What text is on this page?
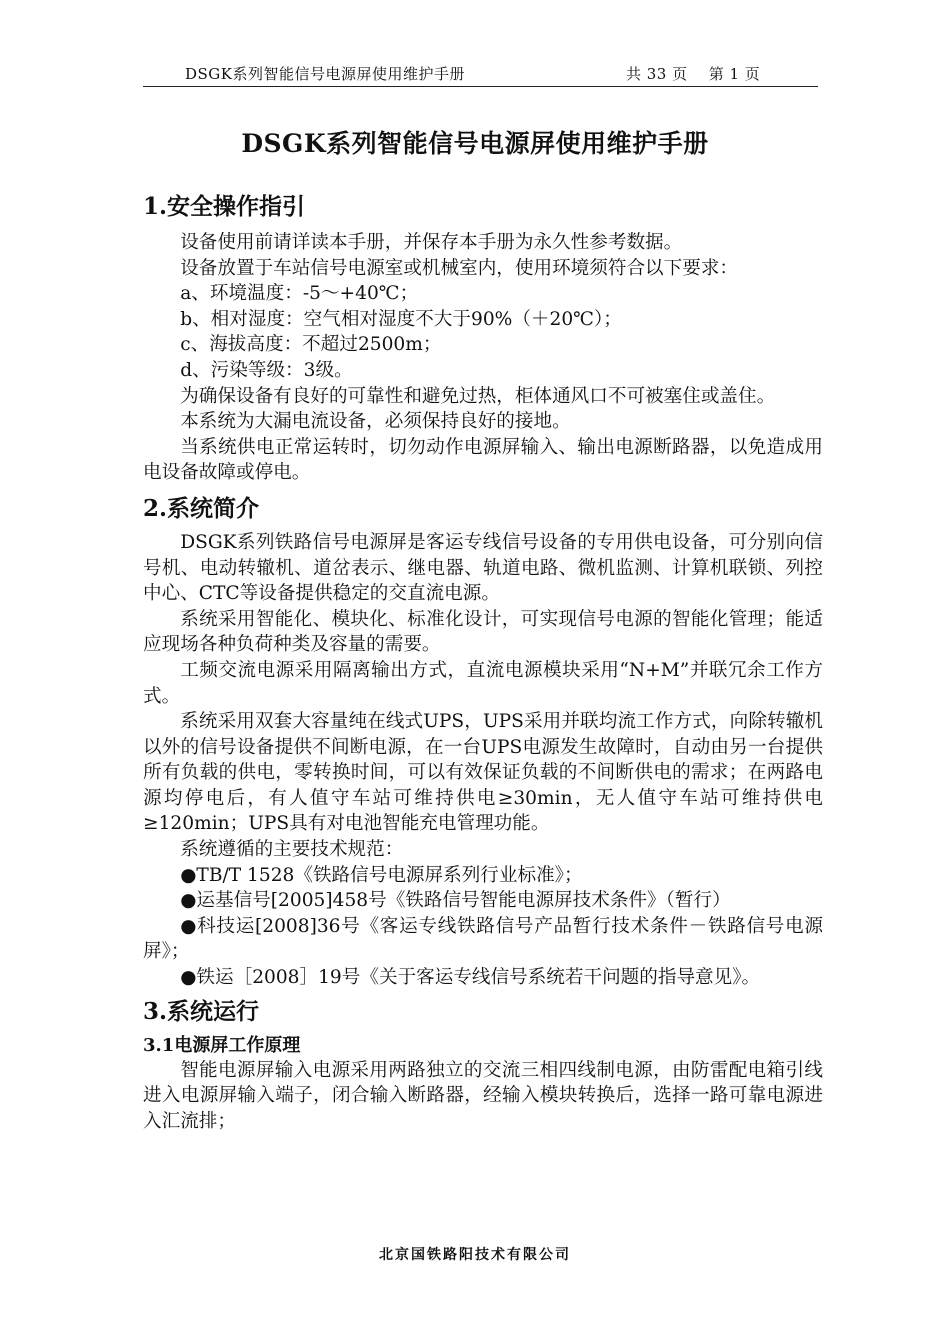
DSGK系列智能信号电源屏使用维护手册	共 33 页    第 1 页
DSGK系列智能信号电源屏使用维护手册
1.安全操作指引

设备使用前请详读本手册，并保存本手册为永久性参考数据。

设备放置于车站信号电源室或机械室内，使用环境须符合以下要求：

a、环境温度：-5～+40℃；

b、相对湿度：空气相对湿度不大于90%（＋20℃）；

c、海拔高度：不超过2500m；

d、污染等级：3级。

为确保设备有良好的可靠性和避免过热，柜体通风口不可被塞住或盖住。

本系统为大漏电流设备，必须保持良好的接地。

当系统供电正常运转时，切勿动作电源屏输入、输出电源断路器，以免造成用电设备故障或停电。

2.系统简介

DSGK系列铁路信号电源屏是客运专线信号设备的专用供电设备，可分别向信号机、电动转辙机、道岔表示、继电器、轨道电路、微机监测、计算机联锁、列控中心、CTC等设备提供稳定的交直流电源。

系统采用智能化、模块化、标准化设计，可实现信号电源的智能化管理；能适应现场各种负荷种类及容量的需要。

工频交流电源采用隔离输出方式，直流电源模块采用“N+M”并联冗余工作方式。

系统采用双套大容量纯在线式UPS，UPS采用并联均流工作方式，向除转辙机以外的信号设备提供不间断电源，在一台UPS电源发生故障时，自动由另一台提供所有负载的供电，零转换时间，可以有效保证负载的不间断供电的需求；在两路电源均停电后，有人值守车站可维持供电≥30min，无人值守车站可维持供电≥120min；UPS具有对电池智能充电管理功能。

系统遵循的主要技术规范：

●TB/T 1528《铁路信号电源屏系列行业标准》；

●运基信号[2005]458号《铁路信号智能电源屏技术条件》（暂行）

●科技运[2008]36号《客运专线铁路信号产品暂行技术条件－铁路信号电源屏》；

●铁运［2008］19号《关于客运专线信号系统若干问题的指导意见》。

3.系统运行
3.1电源屏工作原理

智能电源屏输入电源采用两路独立的交流三相四线制电源，由防雷配电箱引线进入电源屏输入端子，闭合输入断路器，经输入模块转换后，选择一路可靠电源进入汇流排；

北京国铁路阳技术有限公司
